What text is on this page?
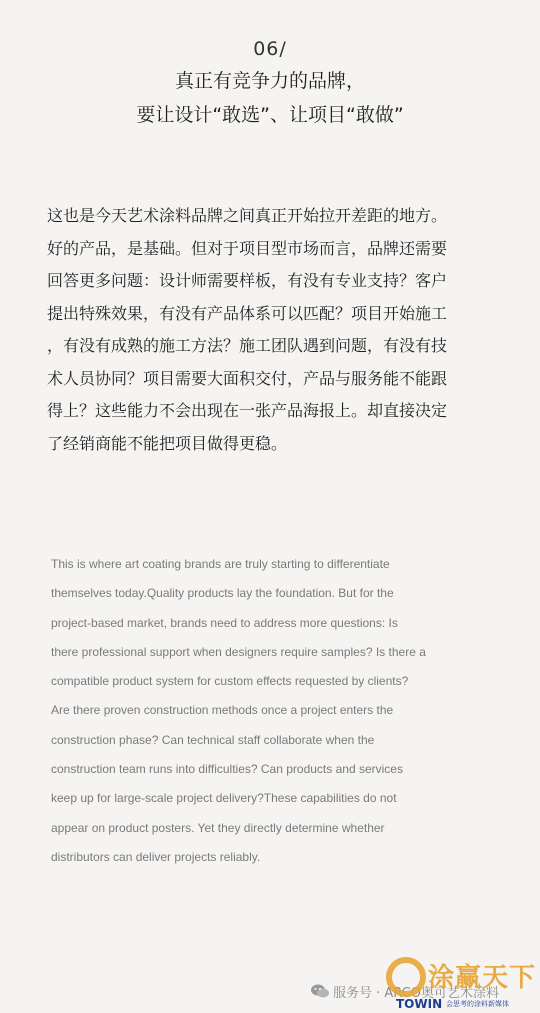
06/
真正有竞争力的品牌，
要让设计“敢选”、让项目“敢做”

这也是今天艺术涂料品牌之间真正开始拉开差距的地方。

好的产品，是基础。但对于项目型市场而言，品牌还需要

回答更多问题：设计师需要样板，有没有专业支持？客户

提出特殊效果，有没有产品体系可以匹配？项目开始施工

，有没有成熟的施工方法？施工团队遇到问题，有没有技

术人员协同？项目需要大面积交付，产品与服务能不能跟

得上？这些能力不会出现在一张产品海报上。却直接决定

了经销商能不能把项目做得更稳。

This is where art coating brands are truly starting to differentiate

themselves today.Quality products lay the foundation. But for the

project-based market, brands need to address more questions: Is

there professional support when designers require samples? Is there a

compatible product system for custom effects requested by clients?

Are there proven construction methods once a project enters the

construction phase? Can technical staff collaborate when the

construction team runs into difficulties? Can products and services

keep up for large-scale project delivery?These capabilities do not

appear on product posters. Yet they directly determine whether

distributors can deliver projects reliably.

服务号 · ARCO奥可艺术涂料
涂赢天下
TOWIN 会思考的涂料新媒体
